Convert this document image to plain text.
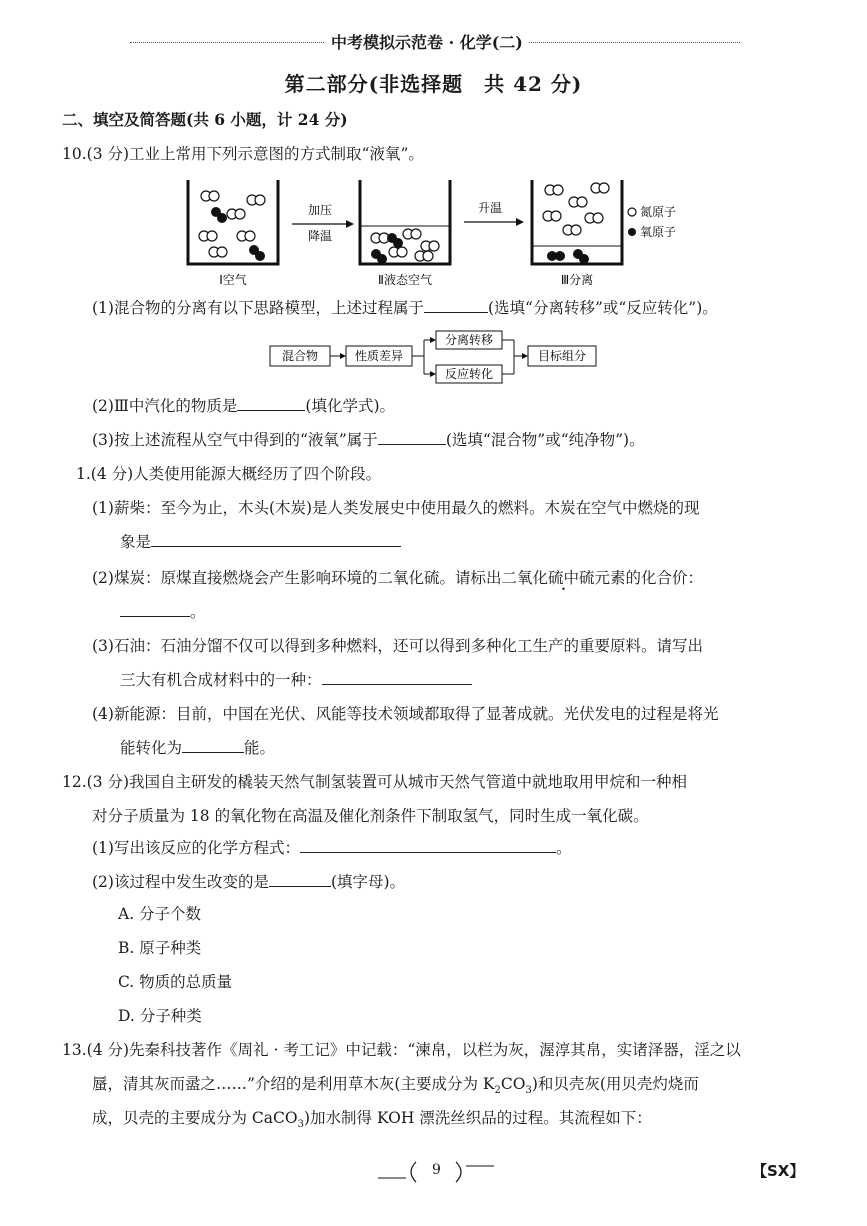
中考模拟示范卷 · 化学(二)
第二部分(非选择题　共 42 分)
二、填空及简答题(共 6 小题，计 24 分)
10.(3 分)工业上常用下列示意图的方式制取“液氧”。
Ⅰ空气
加压
降温
Ⅱ液态空气
升温
Ⅲ分离
氮原子
氧原子
(1)混合物的分离有以下思路模型，上述过程属于	(选填“分离转移”或“反应转化”)。
混合物	性质差异
分离转移
反应转化
目标组分
(2)Ⅲ中汽化的物质是	(填化学式)。
(3)按上述流程从空气中得到的“液氧”属于	(选填“混合物”或“纯净物”)。
1.(4 分)人类使用能源大概经历了四个阶段。
(1)薪柴：至今为止，木头(木炭)是人类发展史中使用最久的燃料。木炭在空气中燃烧的现
象是
(2)煤炭：原煤直接燃烧会产生影响环境的二氧化硫。请标出二氧化硫中硫元素 •的化合价：
。
(3)石油：石油分馏不仅可以得到多种燃料，还可以得到多种化工生产的重要原料。请写出
三大有机合成材料中的一种：
(4)新能源：目前，中国在光伏、风能等技术领域都取得了显著成就。光伏发电的过程是将光
能转化为	能。
12.(3 分)我国自主研发的橇装天然气制氢装置可从城市天然气管道中就地取用甲烷和一种相
对分子质量为 18 的氧化物在高温及催化剂条件下制取氢气，同时生成一氧化碳。
(1)写出该反应的化学方程式：	。
(2)该过程中发生改变的是	(填字母)。
A. 分子个数
B. 原子种类
C. 物质的总质量
D. 分子种类
13.(4 分)先秦科技著作《周礼 · 考工记》中记载：“湅帛，以栏为灰，渥淳其帛，实诸泽器，淫之以
蜃，清其灰而盝之……”介绍的是利用草木灰(主要成分为 $K_2CO_3$)和贝壳灰(用贝壳灼烧而
成，贝壳的主要成分为 CaCO$_3$)加水制得 KOH 漂洗丝织品的过程。其流程如下：
9	【SX】
